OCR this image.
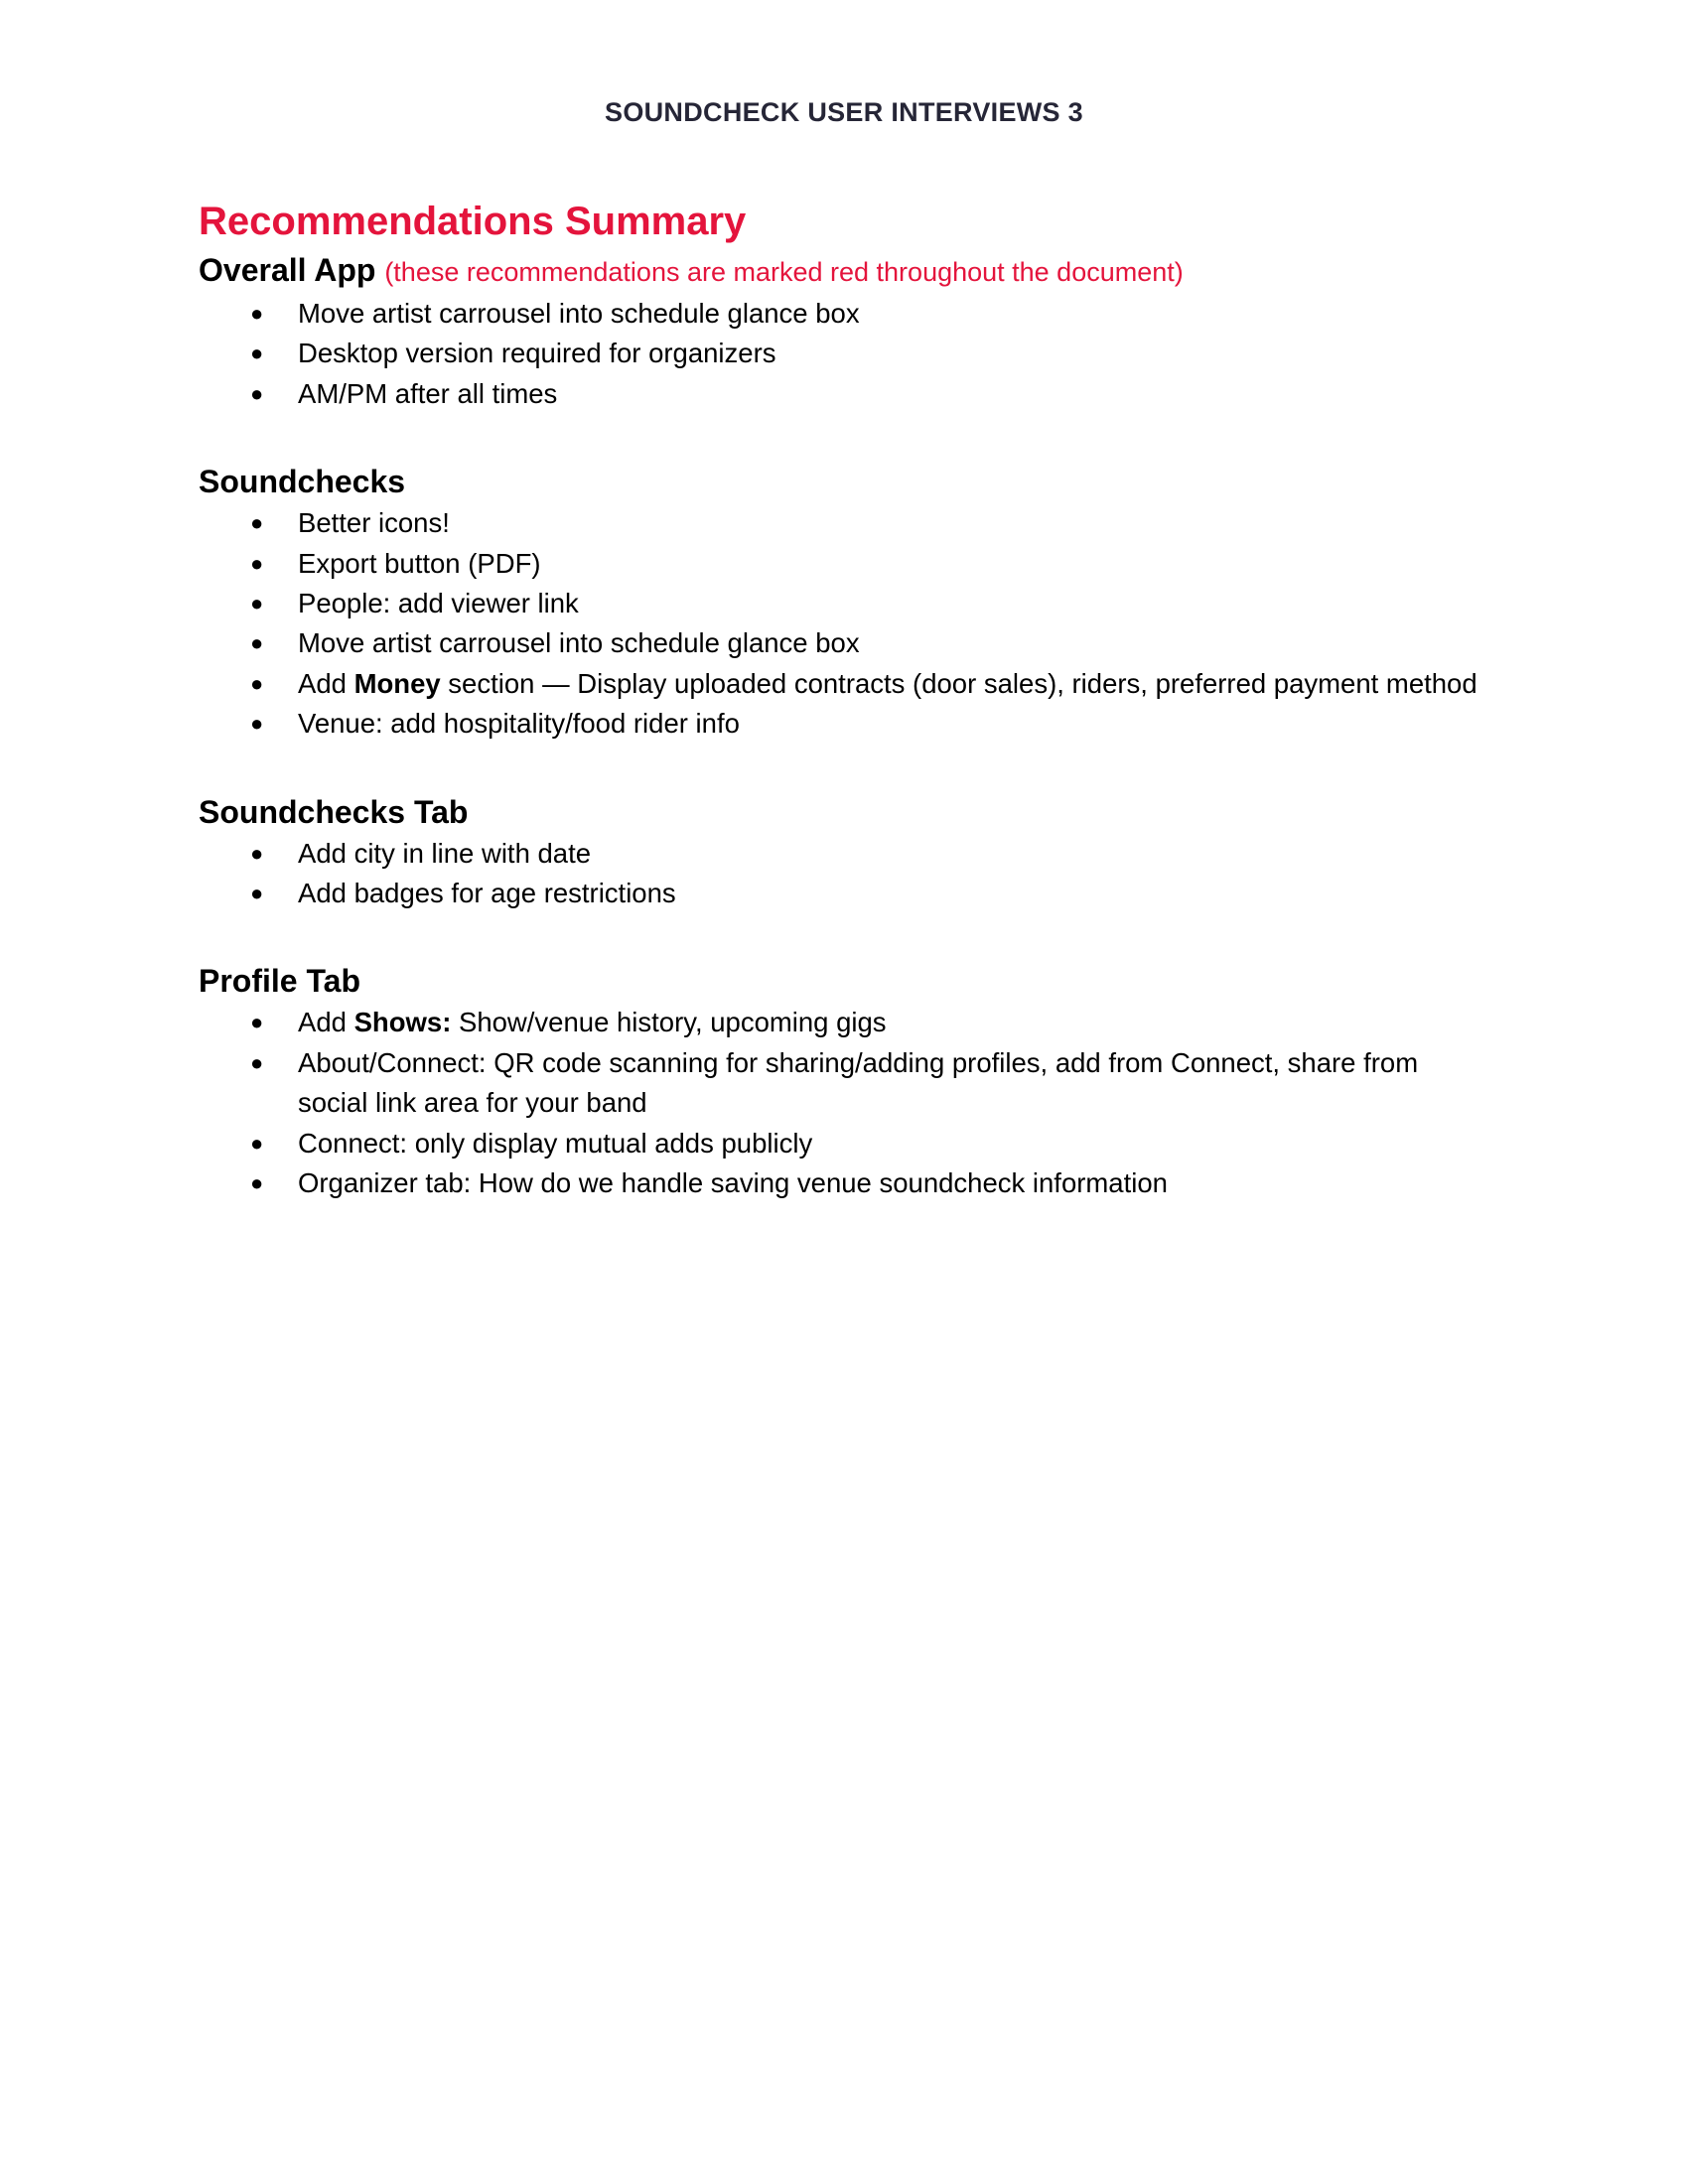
SOUNDCHECK USER INTERVIEWS 3
Recommendations Summary
Overall App (these recommendations are marked red throughout the document)
● Move artist carrousel into schedule glance box
● Desktop version required for organizers
● AM/PM after all times
Soundchecks
● Better icons!
● Export button (PDF)
● People: add viewer link
● Move artist carrousel into schedule glance box
● Add Money section — Display uploaded contracts (door sales), riders, preferred payment method
● Venue: add hospitality/food rider info
Soundchecks Tab
● Add city in line with date
● Add badges for age restrictions
Profile Tab
● Add Shows: Show/venue history, upcoming gigs
● About/Connect: QR code scanning for sharing/adding profiles, add from Connect, share from social link area for your band
● Connect: only display mutual adds publicly
● Organizer tab: How do we handle saving venue soundcheck information
